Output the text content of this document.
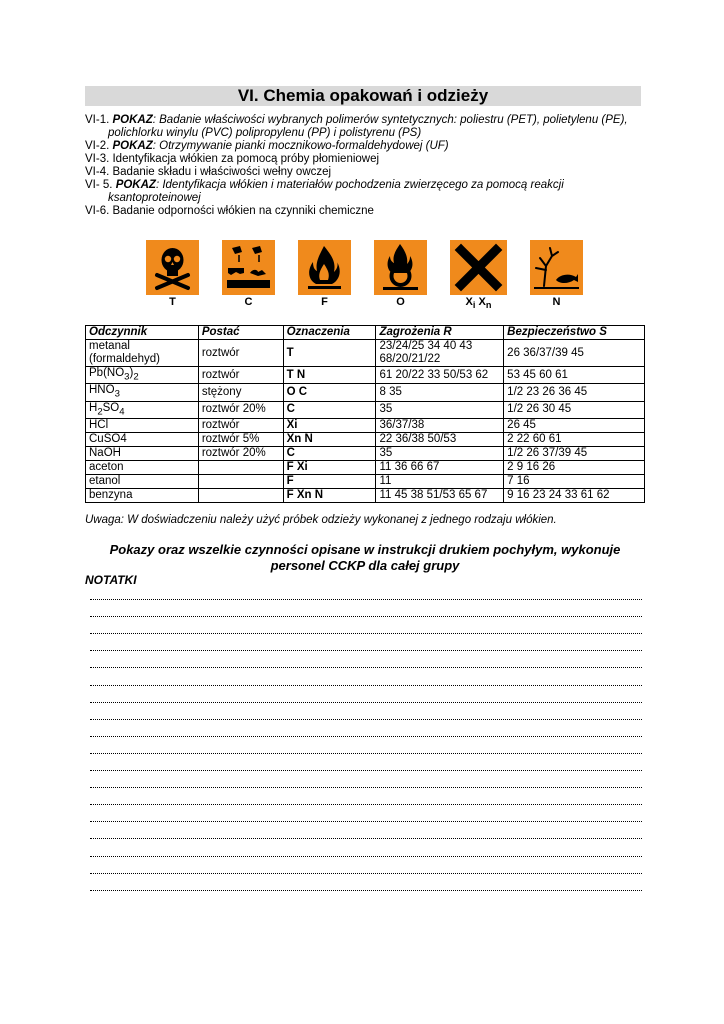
VI. Chemia opakowań i odzieży
VI-1. POKAZ: Badanie właściwości wybranych polimerów syntetycznych: poliestru (PET), polietylenu (PE), polichlorku winylu (PVC) polipropylenu (PP) i polistyrenu (PS)
VI-2. POKAZ: Otrzymywanie pianki mocznikowo-formaldehydowej (UF)
VI-3. Identyfikacja włókien za pomocą próby płomieniowej
VI-4. Badanie składu i właściwości wełny owczej
VI- 5. POKAZ: Identyfikacja włókien i materiałów pochodzenia zwierzęcego za pomocą reakcji ksantoproteinowej
VI-6. Badanie odporności włókien na czynniki chemiczne
T	C	F	O	$X_i$ $X_n$	N
Odczynnik	Postać	Oznaczenia	Zagrożenia R	Bezpieczeństwo S
metanal (formaldehyd)	roztwór	T	23/24/25 34 40 43 68/20/21/22	26 36/37/39 45
$Pb(NO_3)_2$	roztwór	T N	61 20/22 33 50/53 62	53 45 60 61
$HNO_3$	stężony	O C	8 35	1/2 23 26 36 45
$H_2SO_4$	roztwór 20%	C	35	1/2 26 30 45
HCl	roztwór	Xi	36/37/38	26 45
CuSO4	roztwór 5%	Xn N	22 36/38 50/53	2 22 60 61
NaOH	roztwór 20%	C	35	1/2 26 37/39 45
aceton		F Xi	11 36 66 67	2 9 16 26
etanol		F	11	7 16
benzyna		F Xn N	11 45 38 51/53 65 67	9 16 23 24 33 61 62
Uwaga: W doświadczeniu należy użyć próbek odzieży wykonanej z jednego rodzaju włókien.
Pokazy oraz wszelkie czynności opisane w instrukcji drukiem pochyłym, wykonuje personel CCKP dla całej grupy
NOTATKI
